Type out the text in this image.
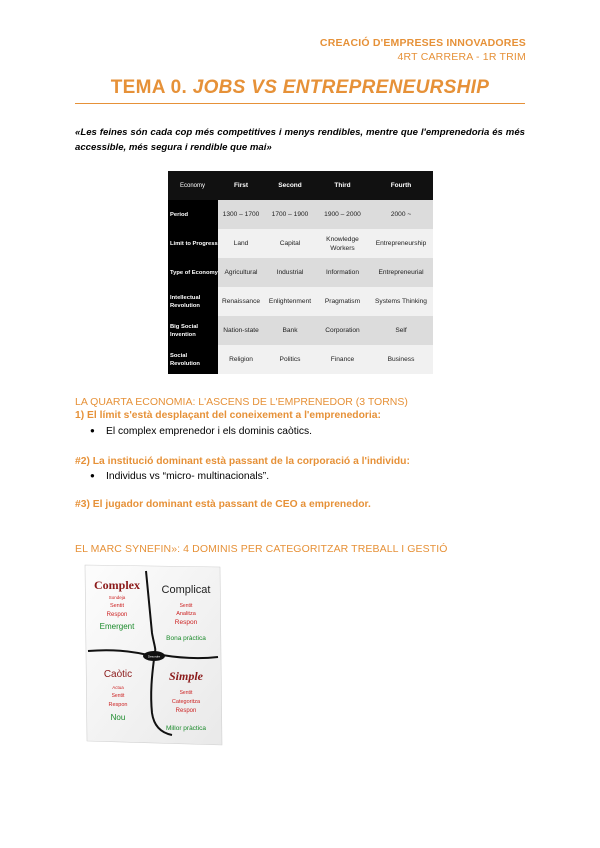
CREACIÓ D'EMPRESES INNOVADORES
4RT CARRERA - 1R TRIM
TEMA 0. JOBS VS ENTREPRENEURSHIP
«Les feines són cada cop més competitives i menys rendibles, mentre que l'emprenedoria és més accessible, més segura i rendible que mai»
Economy	First	Second	Third	Fourth
Period	1300 – 1700	1700 – 1900	1900 – 2000	2000 ~
Limit to Progress	Land	Capital	Knowledge Workers	Entrepreneurship
Type of Economy	Agricultural	Industrial	Information	Entrepreneurial
Intellectual Revolution	Renaissance	Enlightenment	Pragmatism	Systems Thinking
Big Social Invention	Nation-state	Bank	Corporation	Self
Social Revolution	Religion	Politics	Finance	Business
LA QUARTA ECONOMIA: L'ASCENS DE L'EMPRENEDOR (3 TORNS)
1) El límit s'està desplaçant del coneixement a l'emprenedoria:
● El complex emprenedor i els dominis caòtics.
#2) La institució dominant està passant de la corporació a l'individu:
● Individus vs “micro- multinacionals”.
#3) El jugador dominant està passant de CEO a emprenedor.
EL MARC SYNEFIN»: 4 DOMINIS PER CATEGORITZAR TREBALL I GESTIÓ
Desordre
Complex
Sondeja
Sentit
Respon
Emergent
Complicat
Sentit
Analitza
Respon
Bona pràctica
Caòtic
Actua
Sentit
Respon
Nou
Simple
Sentit
Categoritza
Respon
Millor pràctica
